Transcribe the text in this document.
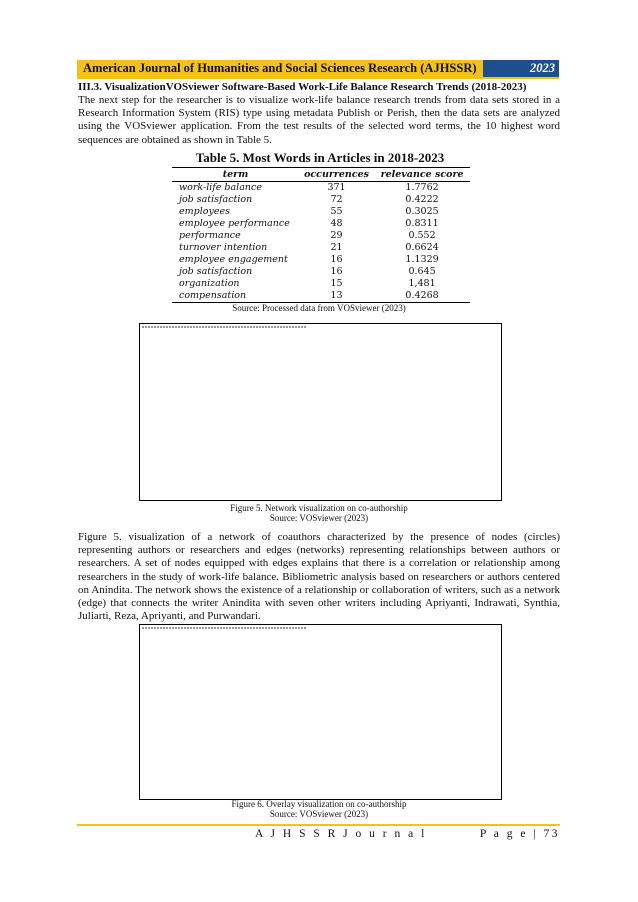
American Journal of Humanities and Social Sciences Research (AJHSSR)	2023
III.3. VisualizationVOSviewer Software-Based Work-Life Balance Research Trends (2018-2023)

The next step for the researcher is to visualize work-life balance research trends from data sets stored in a Research Information System (RIS) type using metadata Publish or Perish, then the data sets are analyzed using the VOSviewer application. From the test results of the selected word terms, the 10 highest word sequences are obtained as shown in Table 5.

Table 5. Most Words in Articles in 2018-2023
term	occurrences	relevance score
work-life balance	371	1.7762
job satisfaction	72	0.4222
employees	55	0.3025
employee performance	48	0.8311
performance	29	0.552
turnover intention	21	0.6624
employee engagement	16	1.1329
job satisfaction	16	0.645
organization	15	1,481
compensation	13	0.4268
Source: Processed data from VOSviewer (2023)
Figure 5. Network visualization on co-authorship
Source: VOSviewer (2023)

Figure 5. visualization of a network of coauthors characterized by the presence of nodes (circles) representing authors or researchers and edges (networks) representing relationships between authors or researchers. A set of nodes equipped with edges explains that there is a correlation or relationship among researchers in the study of work-life balance. Bibliometric analysis based on researchers or authors centered on Anindita. The network shows the existence of a relationship or collaboration of writers, such as a network (edge) that connects the writer Anindita with seven other writers including Apriyanti, Indrawati, Synthia, Juliarti, Reza, Apriyanti, and Purwandari.

Figure 6. Overlay visualization on co-authorship
Source: VOSviewer (2023)
A J H S S R J o u r n a l	P a g e | 73
